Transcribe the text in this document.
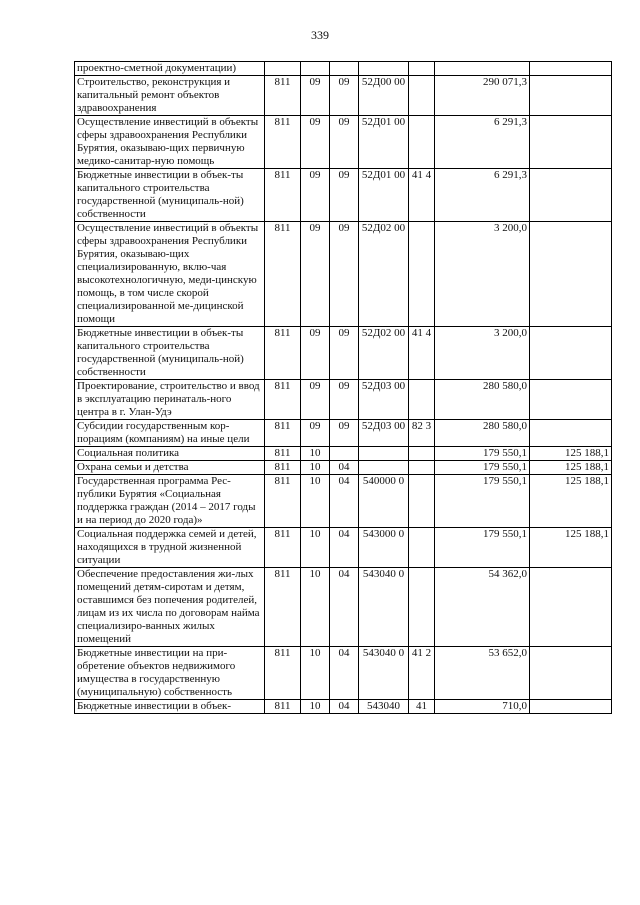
339
проектно-сметной документации)							
Строительство, реконструкция и капитальный ремонт объектов здравоохранения	811	09	09	52Д00 00		290 071,3	
Осуществление инвестиций в объекты сферы здравоохранения Республики Бурятия, оказываю-щих первичную медико-санитар-ную помощь	811	09	09	52Д01 00		6 291,3	
Бюджетные инвестиции в объек-ты капитального строительства государственной (муниципаль-ной) собственности	811	09	09	52Д01 00	41 4	6 291,3	
Осуществление инвестиций в объекты сферы здравоохранения Республики Бурятия, оказываю-щих специализированную, вклю-чая высокотехнологичную, меди-цинскую помощь, в том числе скорой специализированной ме-дицинской помощи	811	09	09	52Д02 00		3 200,0	
Бюджетные инвестиции в объек-ты капитального строительства государственной (муниципаль-ной) собственности	811	09	09	52Д02 00	41 4	3 200,0	
Проектирование, строительство и ввод в эксплуатацию перинаталь-ного центра в г. Улан-Удэ	811	09	09	52Д03 00		280 580,0	
Субсидии государственным кор-порациям (компаниям) на иные цели	811	09	09	52Д03 00	82 3	280 580,0	
Социальная политика	811	10				179 550,1	125 188,1
Охрана семьи и детства	811	10	04			179 550,1	125 188,1
Государственная программа Рес-публики Бурятия «Социальная поддержка граждан (2014 – 2017 годы и на период до 2020 года)»	811	10	04	540000 0		179 550,1	125 188,1
Социальная поддержка семей и детей, находящихся в трудной жизненной ситуации	811	10	04	543000 0		179 550,1	125 188,1
Обеспечение предоставления жи-лых помещений детям-сиротам и детям, оставшимся без попечения родителей, лицам из их числа по договорам найма специализиро-ванных жилых помещений	811	10	04	543040 0		54 362,0	
Бюджетные инвестиции на при-обретение объектов недвижимого имущества в государственную (муниципальную) собственность	811	10	04	543040 0	41 2	53 652,0	
Бюджетные инвестиции в объек-	811	10	04	543040	41	710,0	
